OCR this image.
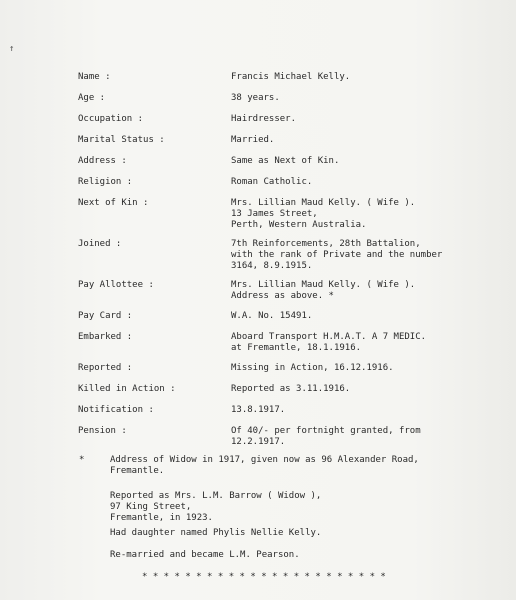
↑
Name :	Francis Michael Kelly.
Age :	38 years.
Occupation :	Hairdresser.
Marital Status :	Married.
Address :	Same as Next of Kin.
Religion :	Roman Catholic.
Next of Kin :	Mrs. Lillian Maud Kelly. ( Wife ).
13 James Street,
Perth, Western Australia.
Joined :	7th Reinforcements, 28th Battalion,
with the rank of Private and the number
3164, 8.9.1915.
Pay Allottee :	Mrs. Lillian Maud Kelly. ( Wife ).
Address as above. *
Pay Card :	W.A. No. 15491.
Embarked :	Aboard Transport H.M.A.T. A 7 MEDIC.
at Fremantle, 18.1.1916.
Reported :	Missing in Action, 16.12.1916.
Killed in Action :	Reported as 3.11.1916.
Notification :	13.8.1917.
Pension :	Of 40/- per fortnight granted, from
12.2.1917.
*	Address of Widow in 1917, given now as 96 Alexander Road,
Fremantle.
Reported as Mrs. L.M. Barrow ( Widow ),
97 King Street,
Fremantle, in 1923.
Had daughter named Phylis Nellie Kelly.
Re-married and became L.M. Pearson.
* * * * * * * * * * * * * * * * * * * * * * *
